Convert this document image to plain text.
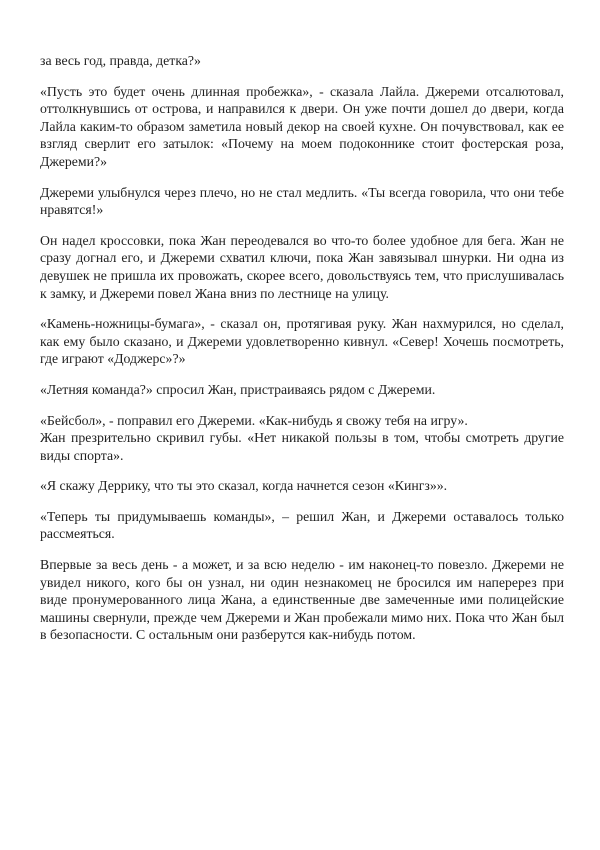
за весь год, правда, детка?»

«Пусть это будет очень длинная пробежка», - сказала Лайла. Джереми отсалютовал, оттолкнувшись от острова, и направился к двери. Он уже почти дошел до двери, когда Лайла каким-то образом заметила новый декор на своей кухне. Он почувствовал, как ее взгляд сверлит его затылок: «Почему на моем подоконнике стоит фостерская роза, Джереми?»

Джереми улыбнулся через плечо, но не стал медлить. «Ты всегда говорила, что они тебе нравятся!»

Он надел кроссовки, пока Жан переодевался во что-то более удобное для бега. Жан не сразу догнал его, и Джереми схватил ключи, пока Жан завязывал шнурки. Ни одна из девушек не пришла их провожать, скорее всего, довольствуясь тем, что прислушивалась к замку, и Джереми повел Жана вниз по лестнице на улицу.

«Камень-ножницы-бумага», - сказал он, протягивая руку. Жан нахмурился, но сделал, как ему было сказано, и Джереми удовлетворенно кивнул. «Север! Хочешь посмотреть, где играют «Доджерс»?»

«Летняя команда?» спросил Жан, пристраиваясь рядом с Джереми.

«Бейсбол», - поправил его Джереми. «Как-нибудь я свожу тебя на игру».

Жан презрительно скривил губы. «Нет никакой пользы в том, чтобы смотреть другие виды спорта».

«Я скажу Деррику, что ты это сказал, когда начнется сезон «Кингз»».

«Теперь ты придумываешь команды», – решил Жан, и Джереми оставалось только рассмеяться.

Впервые за весь день - а может, и за всю неделю - им наконец-то повезло. Джереми не увидел никого, кого бы он узнал, ни один незнакомец не бросился им наперерез при виде пронумерованного лица Жана, а единственные две замеченные ими полицейские машины свернули, прежде чем Джереми и Жан пробежали мимо них. Пока что Жан был в безопасности. С остальным они разберутся как-нибудь потом.
